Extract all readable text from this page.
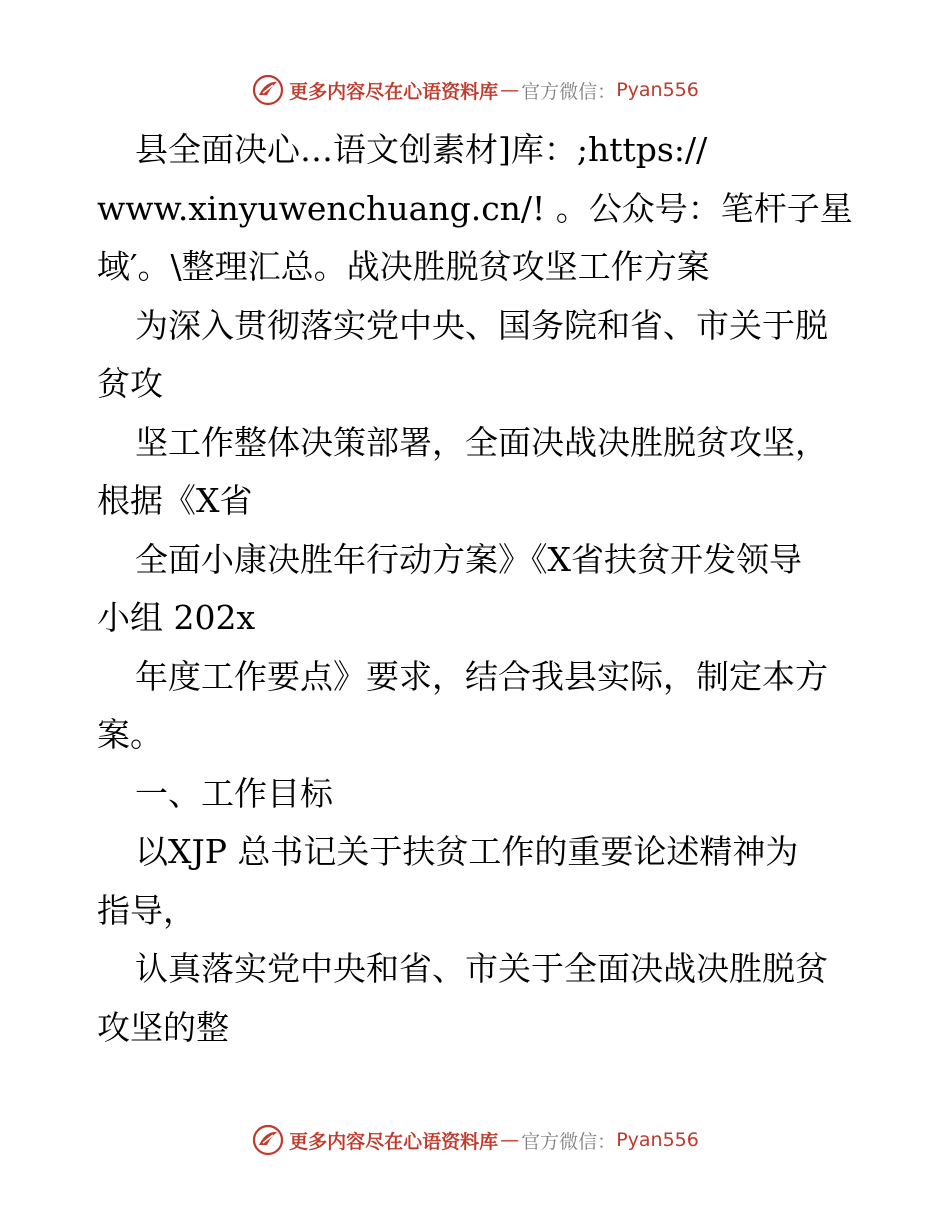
更多内容尽在心语资料库 — 官方微信： Pyan556
县全面决心…语文创素材]库：;https://
www.xinyuwenchuang.cn/! 。公众号：笔杆子星
域′。\整理汇总。战决胜脱贫攻坚工作方案
为深入贯彻落实党中央、国务院和省、市关于脱
贫攻
坚工作整体决策部署，全面决战决胜脱贫攻坚，
根据《X省
全面小康决胜年行动方案》《X省扶贫开发领导
小组 202x
年度工作要点》要求，结合我县实际，制定本方
案。
一、工作目标
以XJP 总书记关于扶贫工作的重要论述精神为
指导，
认真落实党中央和省、市关于全面决战决胜脱贫
攻坚的整
更多内容尽在心语资料库 — 官方微信： Pyan556
